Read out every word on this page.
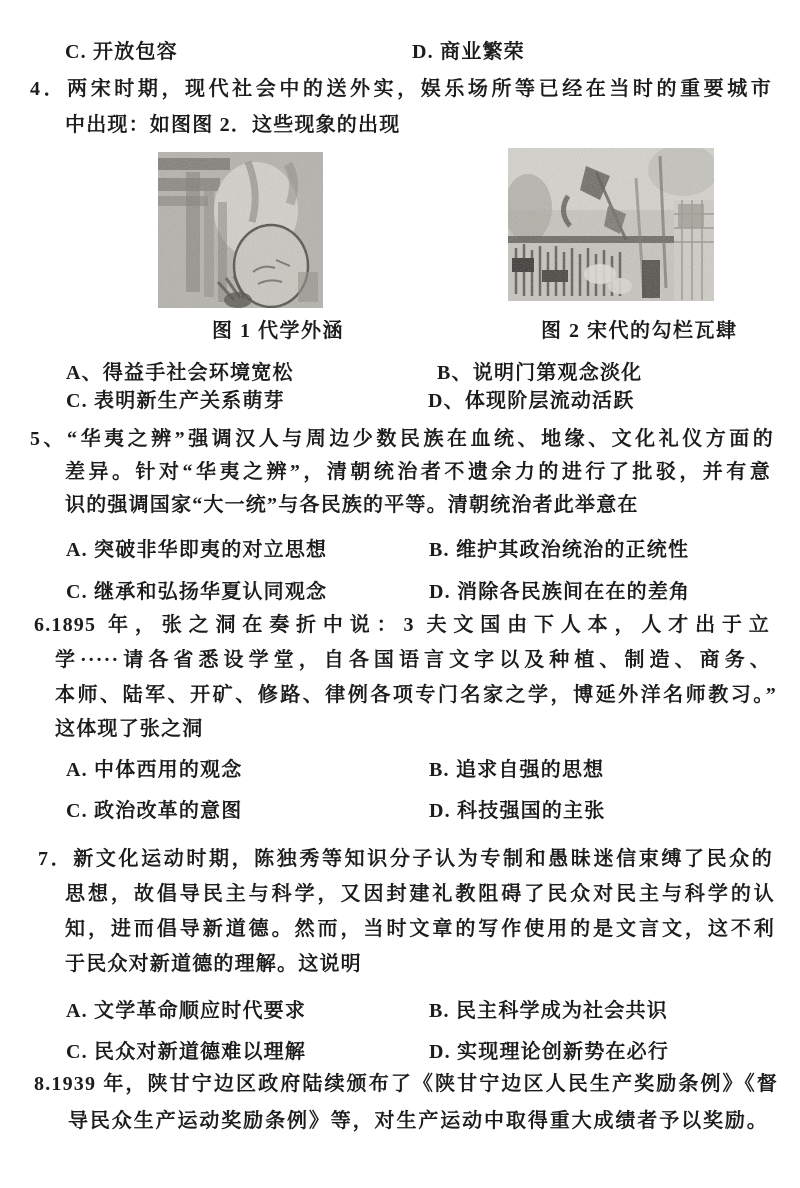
C. 开放包容	D. 商业繁荣
4．两宋时期，现代社会中的送外实，娱乐场所等已经在当时的重要城市
中出现：如图图 2．这些现象的出现
图 1 代学外涵	图 2 宋代的勾栏瓦肆
A、得益手社会环境宽松	B、说明门第观念淡化
C. 表明新生产关系萌芽	D、体现阶层流动活跃
5、“华夷之辨”强调汉人与周边少数民族在血统、地缘、文化礼仪方面的
差异。针对“华夷之辨”，清朝统治者不遗余力的进行了批驳，并有意
识的强调国家“大一统”与各民族的平等。清朝统治者此举意在
A. 突破非华即夷的对立思想	B. 维护其政治统治的正统性
C. 继承和弘扬华夏认同观念	D. 消除各民族间在在的差角
6.1895 年，张之洞在奏折中说：3 夫文国由下人本，人才出于立
学·····请各省悉设学堂，自各国语言文字以及种植、制造、商务、
本师、陆军、开矿、修路、律例各项专门名家之学，博延外洋名师教习。”
这体现了张之洞
A. 中体西用的观念	B. 追求自强的思想
C. 政治改革的意图	D. 科技强国的主张
7．新文化运动时期，陈独秀等知识分子认为专制和愚昧迷信束缚了民众的
思想，故倡导民主与科学，又因封建礼教阻碍了民众对民主与科学的认
知，进而倡导新道德。然而，当时文章的写作使用的是文言文，这不利
于民众对新道德的理解。这说明
A. 文学革命顺应时代要求	B. 民主科学成为社会共识
C. 民众对新道德难以理解	D. 实现理论创新势在必行
8.1939 年，陕甘宁边区政府陆续颁布了《陕甘宁边区人民生产奖励条例》《督
导民众生产运动奖励条例》等，对生产运动中取得重大成绩者予以奖励。
